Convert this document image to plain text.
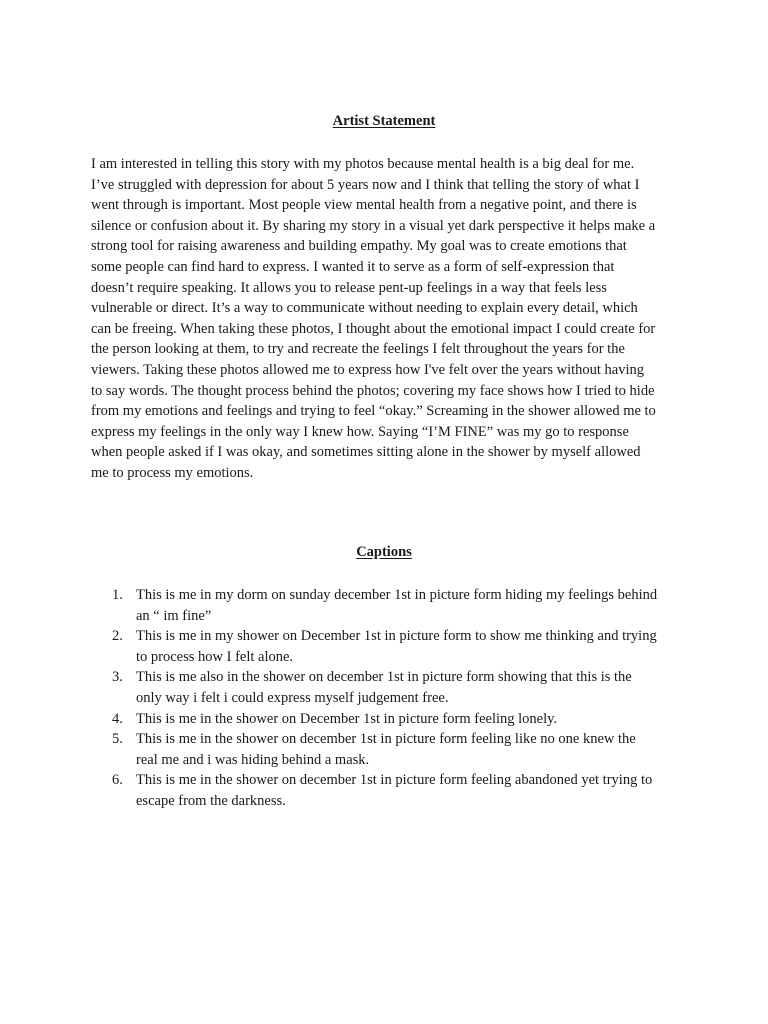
Artist Statement

I am interested in telling this story with my photos because mental health is a big deal for me.
I’ve struggled with depression for about 5 years now and I think that telling the story of what I
went through is important. Most people view mental health from a negative point, and there is
silence or confusion about it. By sharing my story in a visual yet dark perspective it helps make a
strong tool for raising awareness and building empathy. My goal was to create emotions that
some people can find hard to express. I wanted it to serve as a form of self-expression that
doesn’t require speaking. It allows you to release pent-up feelings in a way that feels less
vulnerable or direct. It’s a way to communicate without needing to explain every detail, which
can be freeing. When taking these photos, I thought about the emotional impact I could create for
the person looking at them, to try and recreate the feelings I felt throughout the years for the
viewers. Taking these photos allowed me to express how I've felt over the years without having
to say words. The thought process behind the photos; covering my face shows how I tried to hide
from my emotions and feelings and trying to feel “okay.” Screaming in the shower allowed me to
express my feelings in the only way I knew how. Saying “I’M FINE” was my go to response
when people asked if I was okay, and sometimes sitting alone in the shower by myself allowed
me to process my emotions.

Captions
1. This is me in my dorm on sunday december 1st in picture form hiding my feelings behind
an “ im fine”
2. This is me in my shower on December 1st in picture form to show me thinking and trying
to process how I felt alone.
3. This is me also in the shower on december 1st in picture form showing that this is the
only way i felt i could express myself judgement free.
4. This is me in the shower on December 1st in picture form feeling lonely.
5. This is me in the shower on december 1st in picture form feeling like no one knew the
real me and i was hiding behind a mask.
6. This is me in the shower on december 1st in picture form feeling abandoned yet trying to
escape from the darkness.
